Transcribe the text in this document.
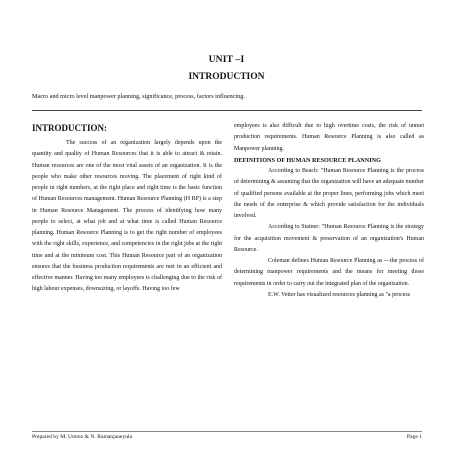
UNIT –I
INTRODUCTION
Macro and micro level manpower planning, significance, process, factors influencing.

INTRODUCTION:

The success of an organization largely depends upon the quantity and quality of Human Resources that it is able to attract & retain. Human resources are one of the most vital assets of an organization. It is the people who make other resources moving. The placement of right kind of people in right numbers, at the right place and right time is the basic function of Human Resources management. Human Resource Planning (H RP) is a step in Human Resource Management. The process of identifying how many people to select, at what job and at what time is called Human Resource planning. Human Resource Planning is to get the right number of employees with the right skills, experience, and competencies in the right jobs at the right time and at the minimum cost. This Human Resource part of an organization ensures that the business production requirements are met in an efficient and effective manner. Having too many employees is challenging due to the risk of high labour expenses, downsizing, or layoffs. Having too few

employees is also difficult due to high overtime costs, the risk of unmet production requirements. Human Resource Planning is also called as Manpower planning.

DEFINITIONS OF HUMAN RESOURCE PLANNING

According to Beach: "Human Resource Planning is the process of determining & assuming that the organization will have an adequate number of qualified persons available at the proper lines, performing jobs which meet the needs of the enterprise & which provide satisfaction for the individuals involved.

According to Stainer: "Human Resource Planning is the strategy for the acquisition movement & preservation of an organization's Human Resource.

Coleman defines Human Resource Planning as ―the process of determining manpower requirements and the means for meeting those requirements in order to carry out the integrated plan of the organization.

E.W. Vetter has visualized resources planning as "a process

Prepared by M. Umrez & N. Ramanjaneyulu	Page 1
